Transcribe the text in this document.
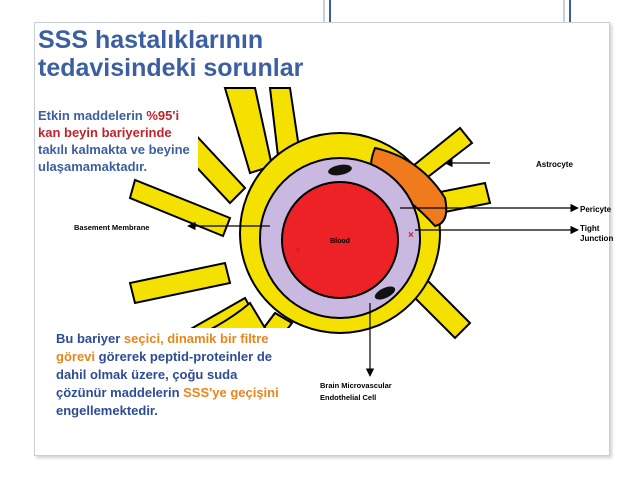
SSS hastalıklarının
tedavisindeki sorunlar
Blood
×
×
Astrocyte
Pericyte
Tight
Junction
Basement Membrane
Brain Microvascular
Endothelial Cell
Etkin maddelerin %95'i kan beyin bariyerinde takılı kalmakta ve beyine ulaşamamaktadır.
Bu bariyer seçici, dinamik bir filtre görevi görerek peptid-proteinler de dahil olmak üzere, çoğu suda çözünür maddelerin SSS'ye geçişini engellemektedir.
